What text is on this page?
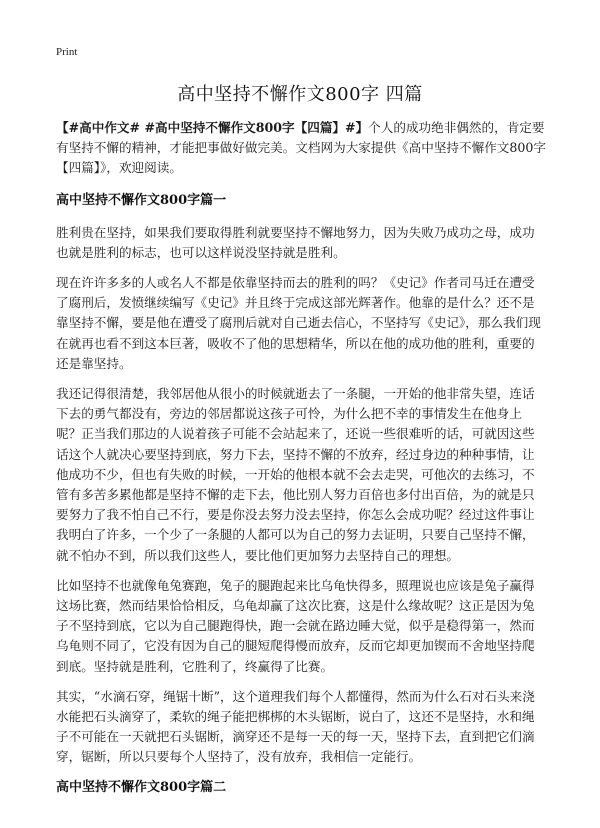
Print
高中坚持不懈作文800字 四篇

【#高中作文# #高中坚持不懈作文800字【四篇】#】个人的成功绝非偶然的，肯定要有坚持不懈的精神，才能把事做好做完美。文档网为大家提供《高中坚持不懈作文800字【四篇】》，欢迎阅读。

高中坚持不懈作文800字篇一

胜利贵在坚持，如果我们要取得胜利就要坚持不懈地努力，因为失败乃成功之母，成功也就是胜利的标志，也可以这样说没坚持就是胜利。

现在许许多多的人或名人不都是依靠坚持而去的胜利的吗？《史记》作者司马迁在遭受了腐刑后，发愤继续编写《史记》并且终于完成这部光辉著作。他靠的是什么？还不是靠坚持不懈，要是他在遭受了腐刑后就对自己逝去信心，不坚持写《史记》，那么我们现在就再也看不到这本巨著，吸收不了他的思想精华，所以在他的成功他的胜利，重要的还是靠坚持。

我还记得很清楚，我邻居他从很小的时候就逝去了一条腿，一开始的他非常失望，连话下去的勇气都没有，旁边的邻居都说这孩子可怜，为什么把不幸的事情发生在他身上呢？正当我们那边的人说着孩子可能不会站起来了，还说一些很难听的话，可就因这些话这个人就决心要坚持到底，努力下去，坚持不懈的不放弃，经过身边的种种事情，让他成功不少，但也有失败的时候，一开始的他根本就不会去走哭，可他次的去练习，不管有多苦多累他都是坚持不懈的走下去，他比别人努力百倍也多付出百倍，为的就是只要努力了我不怕自己不行，要是你没去努力没去坚持，你怎么会成功呢？经过这件事让我明白了许多，一个少了一条腿的人都可以为自己的努力去证明，只要自己坚持不懈，就不怕办不到，所以我们这些人，要比他们更加努力去坚持自己的理想。

比如坚持不也就像龟兔赛跑，兔子的腿跑起来比乌龟快得多，照理说也应该是兔子赢得这场比赛，然而结果恰恰相反，乌龟却赢了这次比赛，这是什么缘故呢？这正是因为兔子不坚持到底，它以为自己腿跑得快，跑一会就在路边睡大觉，似乎是稳得第一，然而乌龟则不同了，它没有因为自己的腿短爬得慢而放弃，反而它却更加锲而不舍地坚持爬到底。坚持就是胜利，它胜利了，终赢得了比赛。

其实，“水滴石穿，绳锯十断”，这个道理我们每个人都懂得，然而为什么石对石头来浇水能把石头滴穿了，柔软的绳子能把梆梆的木头锯断，说白了，这还不是坚持，水和绳子不可能在一天就把石头锯断，滴穿还不是每一天的每一天，坚持下去，直到把它们滴穿，锯断，所以只要每个人坚持了，没有放弃，我相信一定能行。

高中坚持不懈作文800字篇二
